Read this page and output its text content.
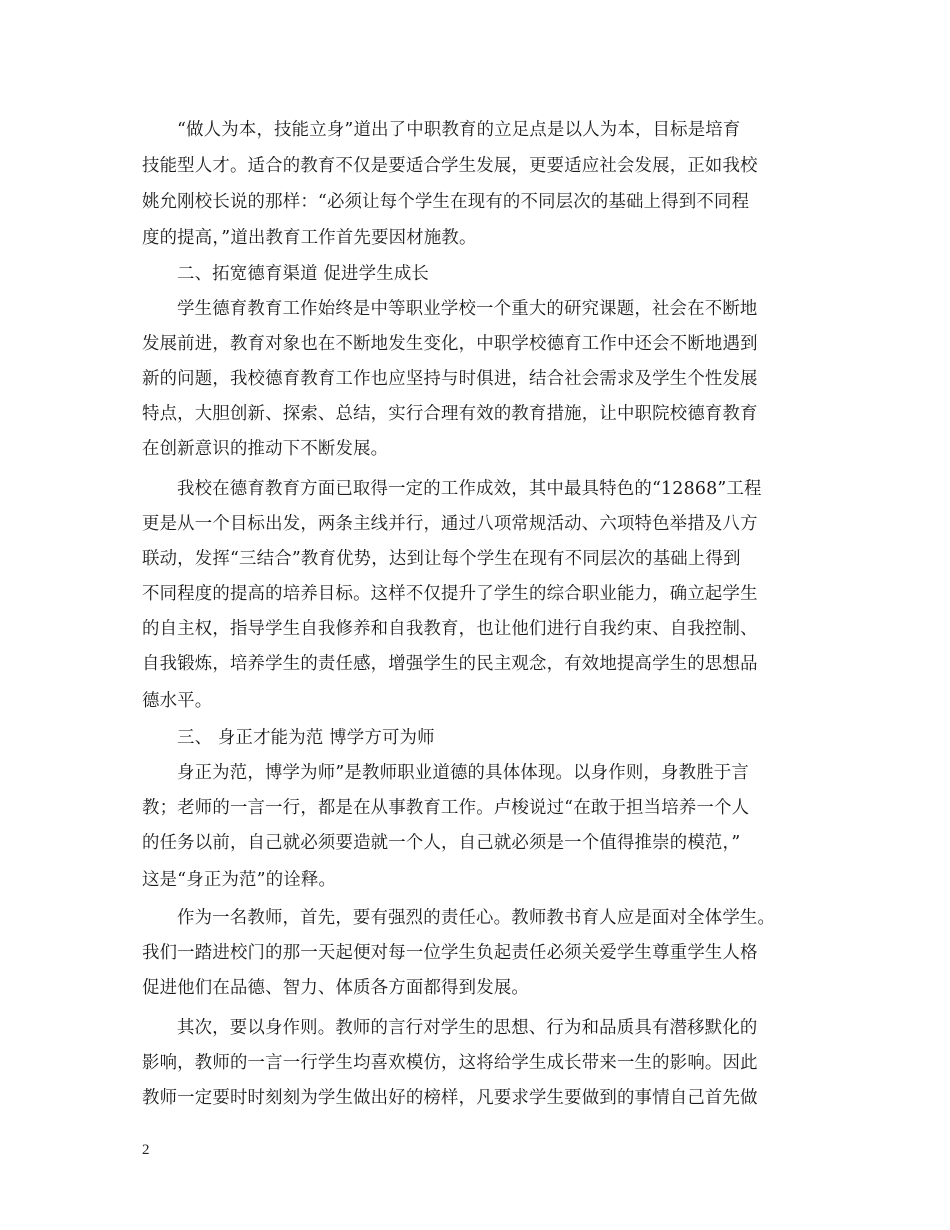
“做人为本，技能立身”道出了中职教育的立足点是以人为本，目标是培育
技能型人才。适合的教育不仅是要适合学生发展，更要适应社会发展，正如我校
姚允刚校长说的那样：“必须让每个学生在现有的不同层次的基础上得到不同程
度的提高，”道出教育工作首先要因材施教。
二、拓宽德育渠道 促进学生成长
学生德育教育工作始终是中等职业学校一个重大的研究课题，社会在不断地
发展前进，教育对象也在不断地发生变化，中职学校德育工作中还会不断地遇到
新的问题，我校德育教育工作也应坚持与时俱进，结合社会需求及学生个性发展
特点，大胆创新、探索、总结，实行合理有效的教育措施，让中职院校德育教育
在创新意识的推动下不断发展。
我校在德育教育方面已取得一定的工作成效，其中最具特色的“12868”工程
更是从一个目标出发，两条主线并行，通过八项常规活动、六项特色举措及八方
联动，发挥“三结合”教育优势，达到让每个学生在现有不同层次的基础上得到
不同程度的提高的培养目标。这样不仅提升了学生的综合职业能力，确立起学生
的自主权，指导学生自我修养和自我教育，也让他们进行自我约束、自我控制、
自我锻炼，培养学生的责任感，增强学生的民主观念，有效地提高学生的思想品
德水平。
三、 身正才能为范 博学方可为师
身正为范，博学为师”是教师职业道德的具体体现。以身作则，身教胜于言
教；老师的一言一行，都是在从事教育工作。卢梭说过“在敢于担当培养一个人
的任务以前，自己就必须要造就一个人，自己就必须是一个值得推崇的模范，”
这是“身正为范”的诠释。
作为一名教师，首先，要有强烈的责任心。教师教书育人应是面对全体学生。
我们一踏进校门的那一天起便对每一位学生负起责任必须关爱学生尊重学生人格
促进他们在品德、智力、体质各方面都得到发展。
其次，要以身作则。教师的言行对学生的思想、行为和品质具有潜移默化的
影响，教师的一言一行学生均喜欢模仿，这将给学生成长带来一生的影响。因此
教师一定要时时刻刻为学生做出好的榜样，凡要求学生要做到的事情自己首先做
2
